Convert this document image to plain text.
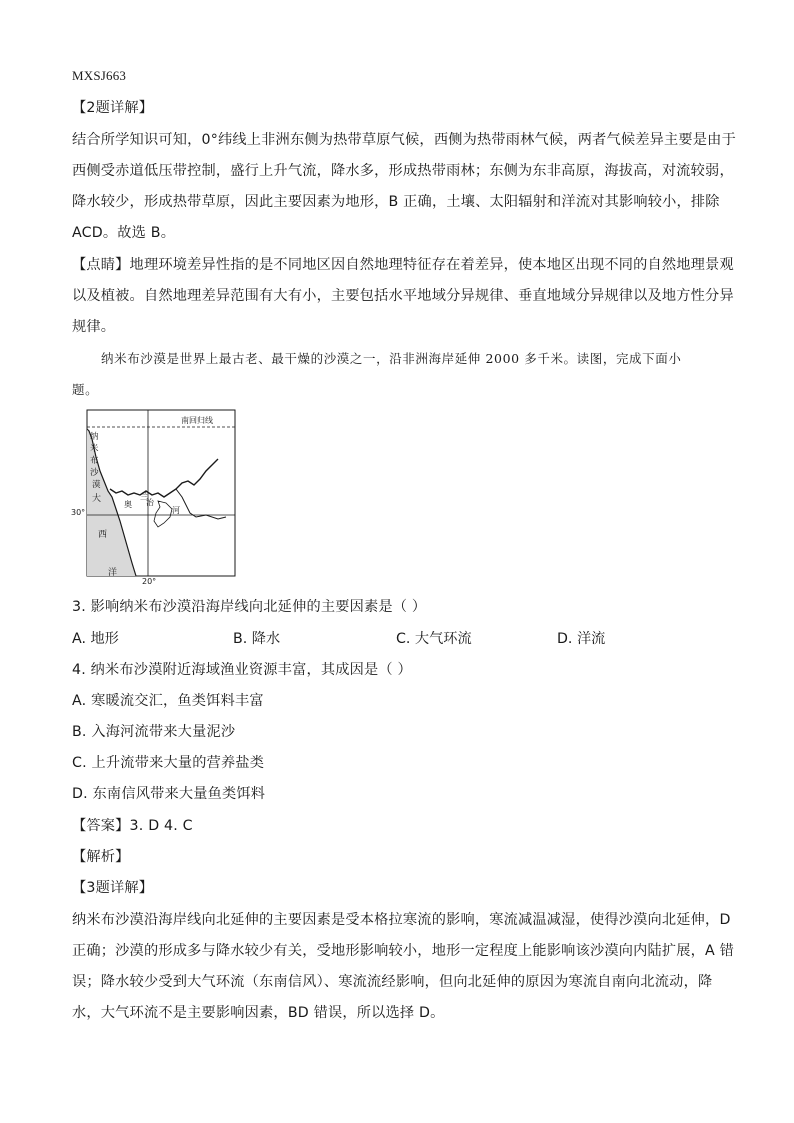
MXSJ663
【2题详解】
结合所学知识可知，0°纬线上非洲东侧为热带草原气候，西侧为热带雨林气候，两者气候差异主要是由于
西侧受赤道低压带控制，盛行上升气流，降水多，形成热带雨林；东侧为东非高原，海拔高，对流较弱，
降水较少，形成热带草原，因此主要因素为地形，B 正确，土壤、太阳辐射和洋流对其影响较小，排除
ACD。故选 B。
【点睛】地理环境差异性指的是不同地区因自然地理特征存在着差异，使本地区出现不同的自然地理景观
以及植被。自然地理差异范围有大有小，主要包括水平地域分异规律、垂直地域分异规律以及地方性分异
规律。
纳米布沙漠是世界上最古老、最干燥的沙漠之一，沿非洲海岸延伸 2000 多千米。读图，完成下面小
题。
南回归线
纳
米
布
沙
漠
大
西
洋
奥
兰
治
河
30°
20°
3. 影响纳米布沙漠沿海岸线向北延伸的主要因素是（ ）
A. 地形	B. 降水	C. 大气环流	D. 洋流
4. 纳米布沙漠附近海域渔业资源丰富，其成因是（ ）
A. 寒暖流交汇，鱼类饵料丰富
B. 入海河流带来大量泥沙
C. 上升流带来大量的营养盐类
D. 东南信风带来大量鱼类饵料
【答案】3. D 4. C
【解析】
【3题详解】
纳米布沙漠沿海岸线向北延伸的主要因素是受本格拉寒流的影响，寒流减温减湿，使得沙漠向北延伸，D
正确；沙漠的形成多与降水较少有关，受地形影响较小，地形一定程度上能影响该沙漠向内陆扩展，A 错
误；降水较少受到大气环流（东南信风）、寒流流经影响，但向北延伸的原因为寒流自南向北流动，降
水，大气环流不是主要影响因素，BD 错误，所以选择 D。
